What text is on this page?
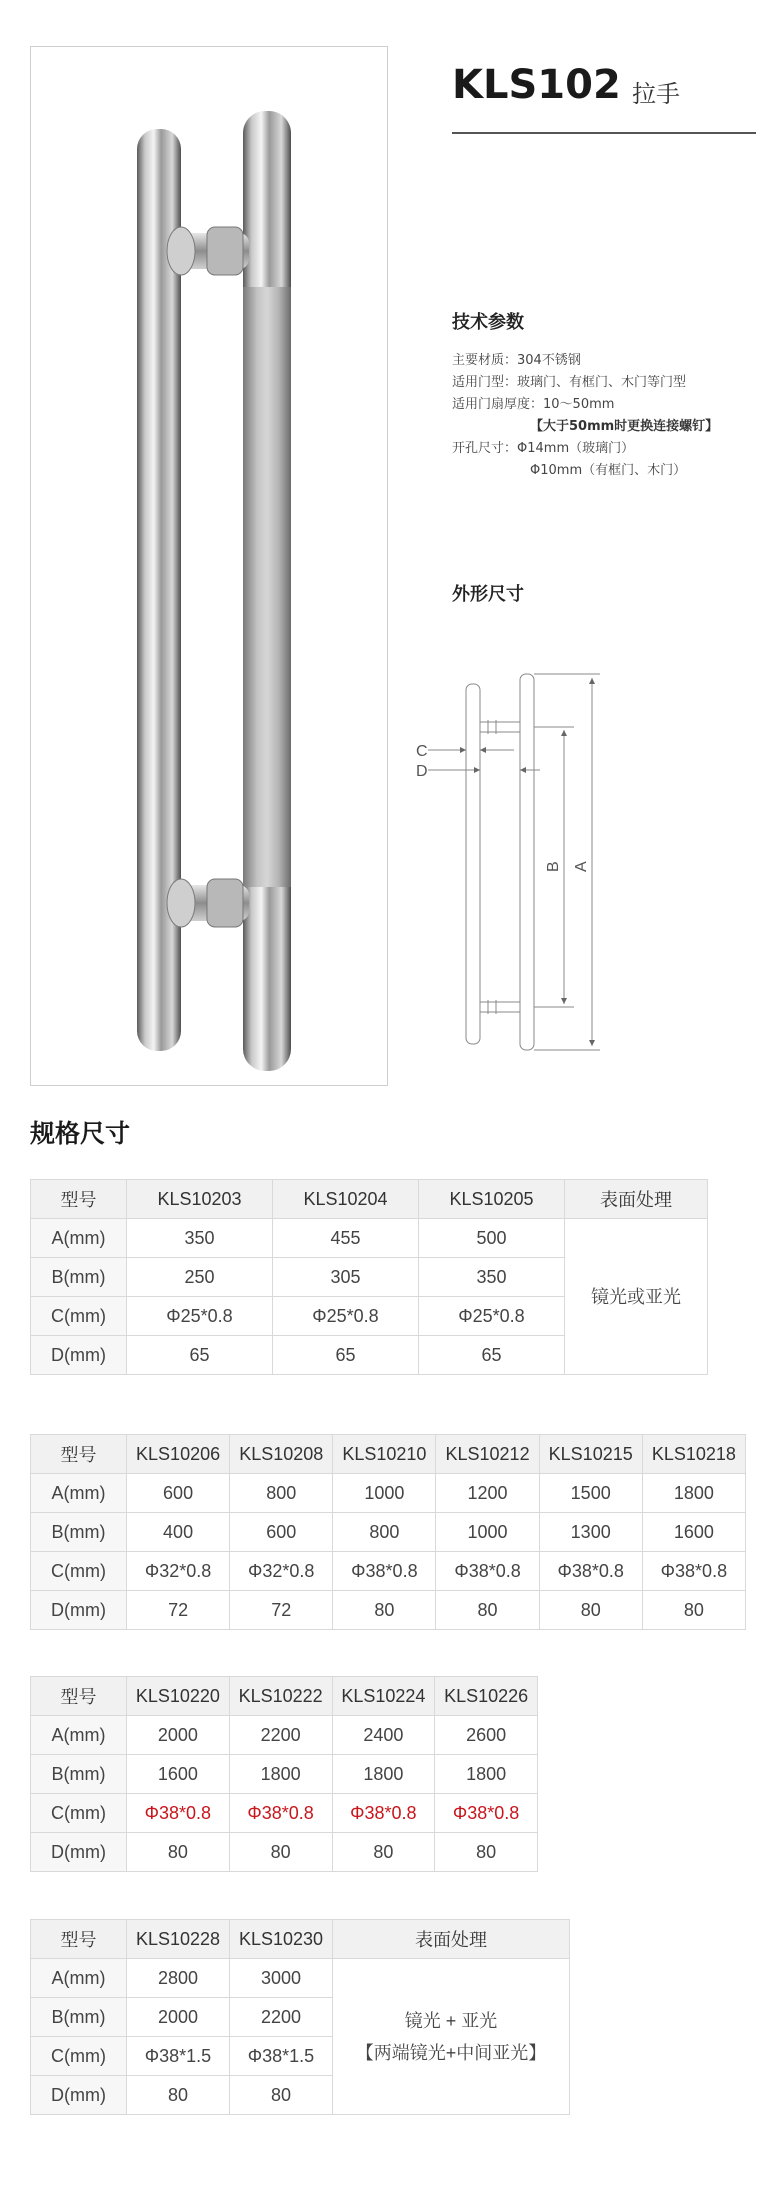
KLS102 拉手
技术参数
主要材质：304不锈钢
适用门型：玻璃门、有框门、木门等门型
适用门扇厚度：10～50mm
【大于50mm时更换连接螺钉】
开孔尺寸：Φ14mm（玻璃门）
Φ10mm（有框门、木门）
外形尺寸
C
D
B A
规格尺寸
型号	KLS10203	KLS10204	KLS10205	表面处理
A(mm)	350	455	500	镜光或亚光
B(mm)	250	305	350	
C(mm)	Φ25*0.8	Φ25*0.8	Φ25*0.8	
D(mm)	65	65	65	
型号	KLS10206	KLS10208	KLS10210	KLS10212	KLS10215	KLS10218
A(mm)	600	800	1000	1200	1500	1800
B(mm)	400	600	800	1000	1300	1600
C(mm)	Φ32*0.8	Φ32*0.8	Φ38*0.8	Φ38*0.8	Φ38*0.8	Φ38*0.8
D(mm)	72	72	80	80	80	80
型号	KLS10220	KLS10222	KLS10224	KLS10226
A(mm)	2000	2200	2400	2600
B(mm)	1600	1800	1800	1800
C(mm)	Φ38*0.8	Φ38*0.8	Φ38*0.8	Φ38*0.8
D(mm)	80	80	80	80
型号	KLS10228	KLS10230	表面处理
A(mm)	2800	3000	镜光 + 亚光
【两端镜光+中间亚光】

B(mm)	2000	2200	
C(mm)	Φ38*1.5	Φ38*1.5	
D(mm)	80	80	
